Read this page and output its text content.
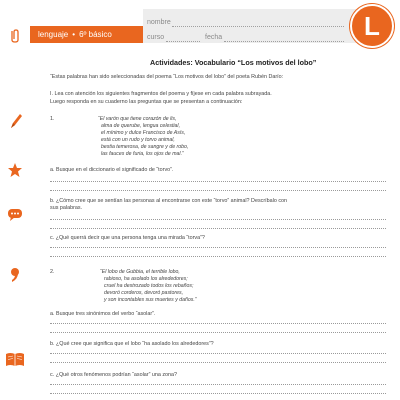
lenguaje • 6º básico
nombre
curso	fecha	L
Actividades: Vocabulario “Los motivos del lobo”
“Estas palabras han sido seleccionadas del poema “Los motivos del lobo” del poeta Rubén Darío:
I. Lea con atención los siguientes fragmentos del poema y fíjese en cada palabra subrayada.
Luego responda en su cuaderno las preguntas que se presentan a continuación:
1.	“El varón que tiene corazón de lis,
alma de querube, lengua celestial,
el mínimo y dulce Francisco de Asís,
está con un rudo y torvo animal,
bestia temerosa, de sangre y de robo,
las fauces de furia, los ojos de mal.”
a. Busque en el diccionario el significado de “torvo”.
b. ¿Cómo cree que se sentían las personas al encontrarse con este “torvo” animal? Descríbalo con
sus palabras.
c. ¿Qué querrá decir que una persona tenga una mirada “torva”?
2.	“El lobo de Gubbia, el terrible lobo,
rabioso, ha asolado los alrededores;
cruel ha destrozado todos los rebaños;
devoró corderos, devoró pastores,
y son incontables sus muertes y daños.”
a. Busque tres sinónimos del verbo “asolar”.
b. ¿Qué cree que significa que el lobo “ha asolado los alrededores”?
c. ¿Qué otros fenómenos podrían “asolar” una zona?
